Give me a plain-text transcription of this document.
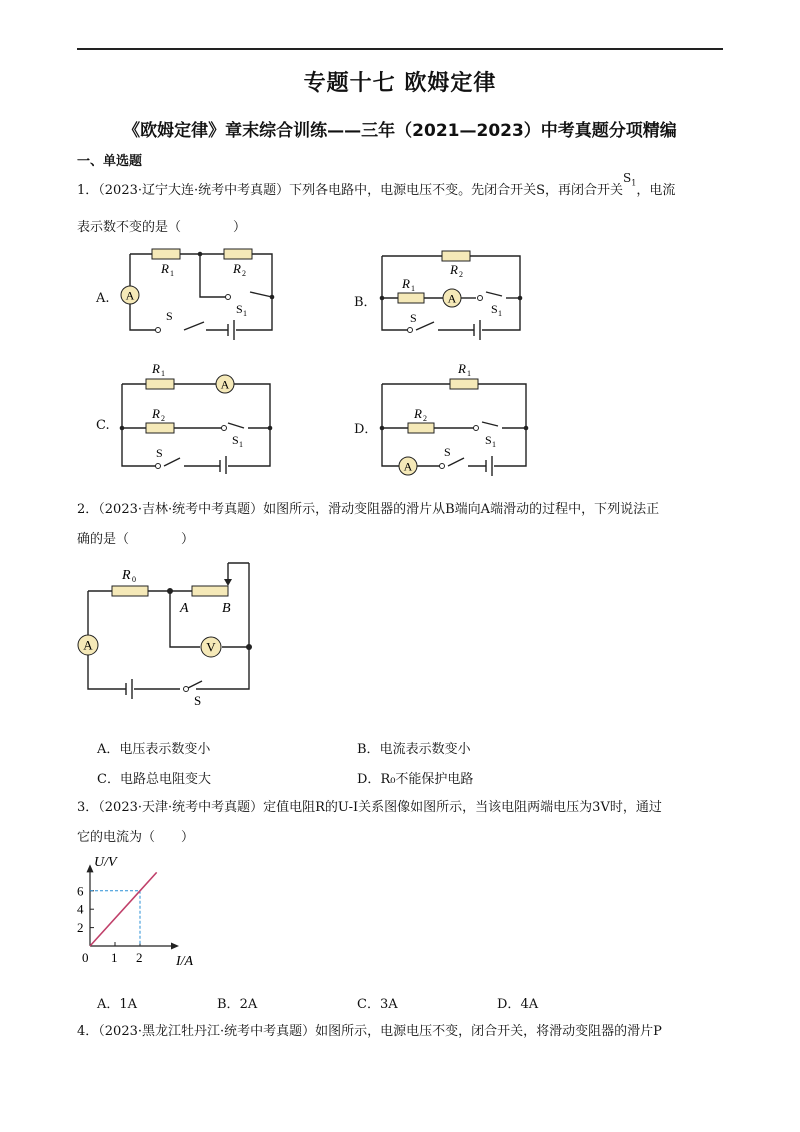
专题十七 欧姆定律
《欧姆定律》章末综合训练——三年（2021—2023）中考真题分项精编
一、单选题
1．（2023·辽宁大连·统考中考真题）下列各电路中，电源电压不变。先闭合开关S，再闭合开关$S_1$，电流
表示数不变的是（　　　　）
A.	B．
C.	D．
A
R 1	R 2
S 1
S
A
R 2
R 1
S 1
S
A
R 1
R 2
S 1
S
A
R 1
R 2
S 1
S
2．（2023·吉林·统考中考真题）如图所示，滑动变阻器的滑片从B端向A端滑动的过程中，下列说法正
确的是（　　　　）
A	V
R 0
A B
S
A．电压表示数变小	B．电流表示数变小
C．电路总电阻变大	D．R₀不能保护电路
3．（2023·天津·统考中考真题）定值电阻R的U-I关系图像如图所示，当该电阻两端电压为3V时，通过
它的电流为（　　）
2
4
6
0 1 2
U/V
I/A
A．1A	B．2A	C．3A	D．4A
4．（2023·黑龙江牡丹江·统考中考真题）如图所示，电源电压不变，闭合开关，将滑动变阻器的滑片P
